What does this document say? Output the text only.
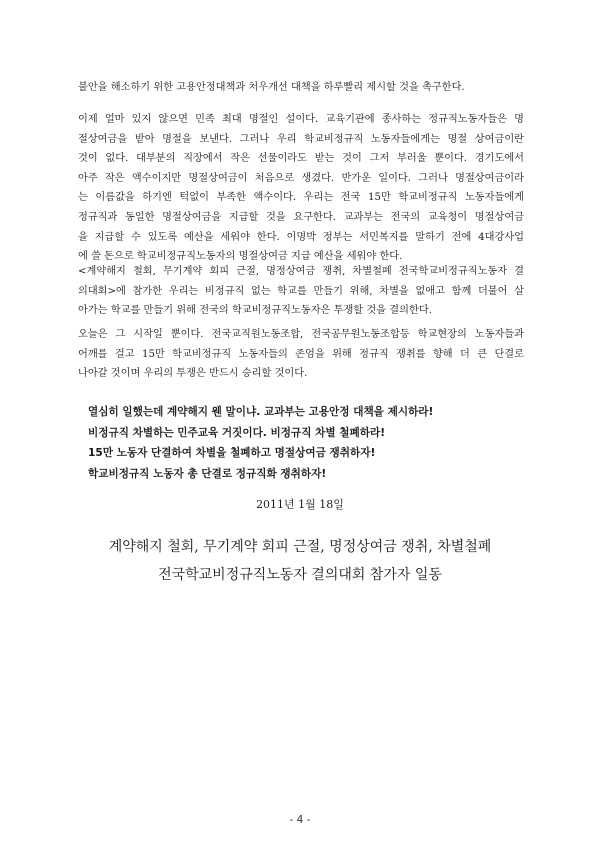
불안을 해소하기 위한 고용안정대책과 처우개선 대책을 하루빨리 제시할 것을 촉구한다.
이제 얼마 있지 않으면 민족 최대 명절인 설이다. 교육기관에 종사하는 정규직노동자들은 명
절상여금을 받아 명절을 보낸다. 그러나 우리 학교비정규직 노동자들에게는 명절 상여금이란
것이 없다. 대부분의 직장에서 작은 선물이라도 받는 것이 그저 부러울 뿐이다. 경기도에서
아주 작은 액수이지만 명절상여금이 처음으로 생겼다. 반가운 일이다. 그러나 명절상여금이라
는 이름값을 하기엔 턱없이 부족한 액수이다. 우리는 전국 15만 학교비정규직 노동자들에게
정규직과 동일한 명절상여금을 지급할 것을 요구한다. 교과부는 전국의 교육청이 명절상여금
을 지급할 수 있도록 예산을 세워야 한다. 이명박 정부는 서민복지를 말하기 전에 4대강사업
에 쓸 돈으로 학교비정규직노동자의 명절상여금 지급 예산을 세워야 한다.
<계약해지 철회, 무기계약 회피 근절, 명정상여금 쟁취, 차별철폐 전국학교비정규직노동자 결
의대회>에 참가한 우리는 비정규직 없는 학교를 만들기 위해, 차별을 없애고 함께 더불어 살
아가는 학교를 만들기 위해 전국의 학교비정규직노동자은 투쟁할 것을 결의한다.
오늘은 그 시작일 뿐이다. 전국교직원노동조합, 전국공무원노동조합등 학교현장의 노동자들과
어깨를 걸고 15만 학교비정규직 노동자들의 존엄을 위해 정규직 쟁취를 향해 더 큰 단결로
나아갈 것이며 우리의 투쟁은 반드시 승리할 것이다.
열심히 일했는데 계약해지 웬 말이냐. 교과부는 고용안정 대책을 제시하라!
비정규직 차별하는 민주교육 거짓이다. 비정규직 차별 철폐하라!
15만 노동자 단결하여 차별을 철폐하고 명절상여금 쟁취하자!
학교비정규직 노동자 총 단결로 정규직화 쟁취하자!
2011년 1월 18일
계약해지 철회, 무기계약 회피 근절, 명정상여금 쟁취, 차별철폐
전국학교비정규직노동자 결의대회 참가자 일동
- 4 -
